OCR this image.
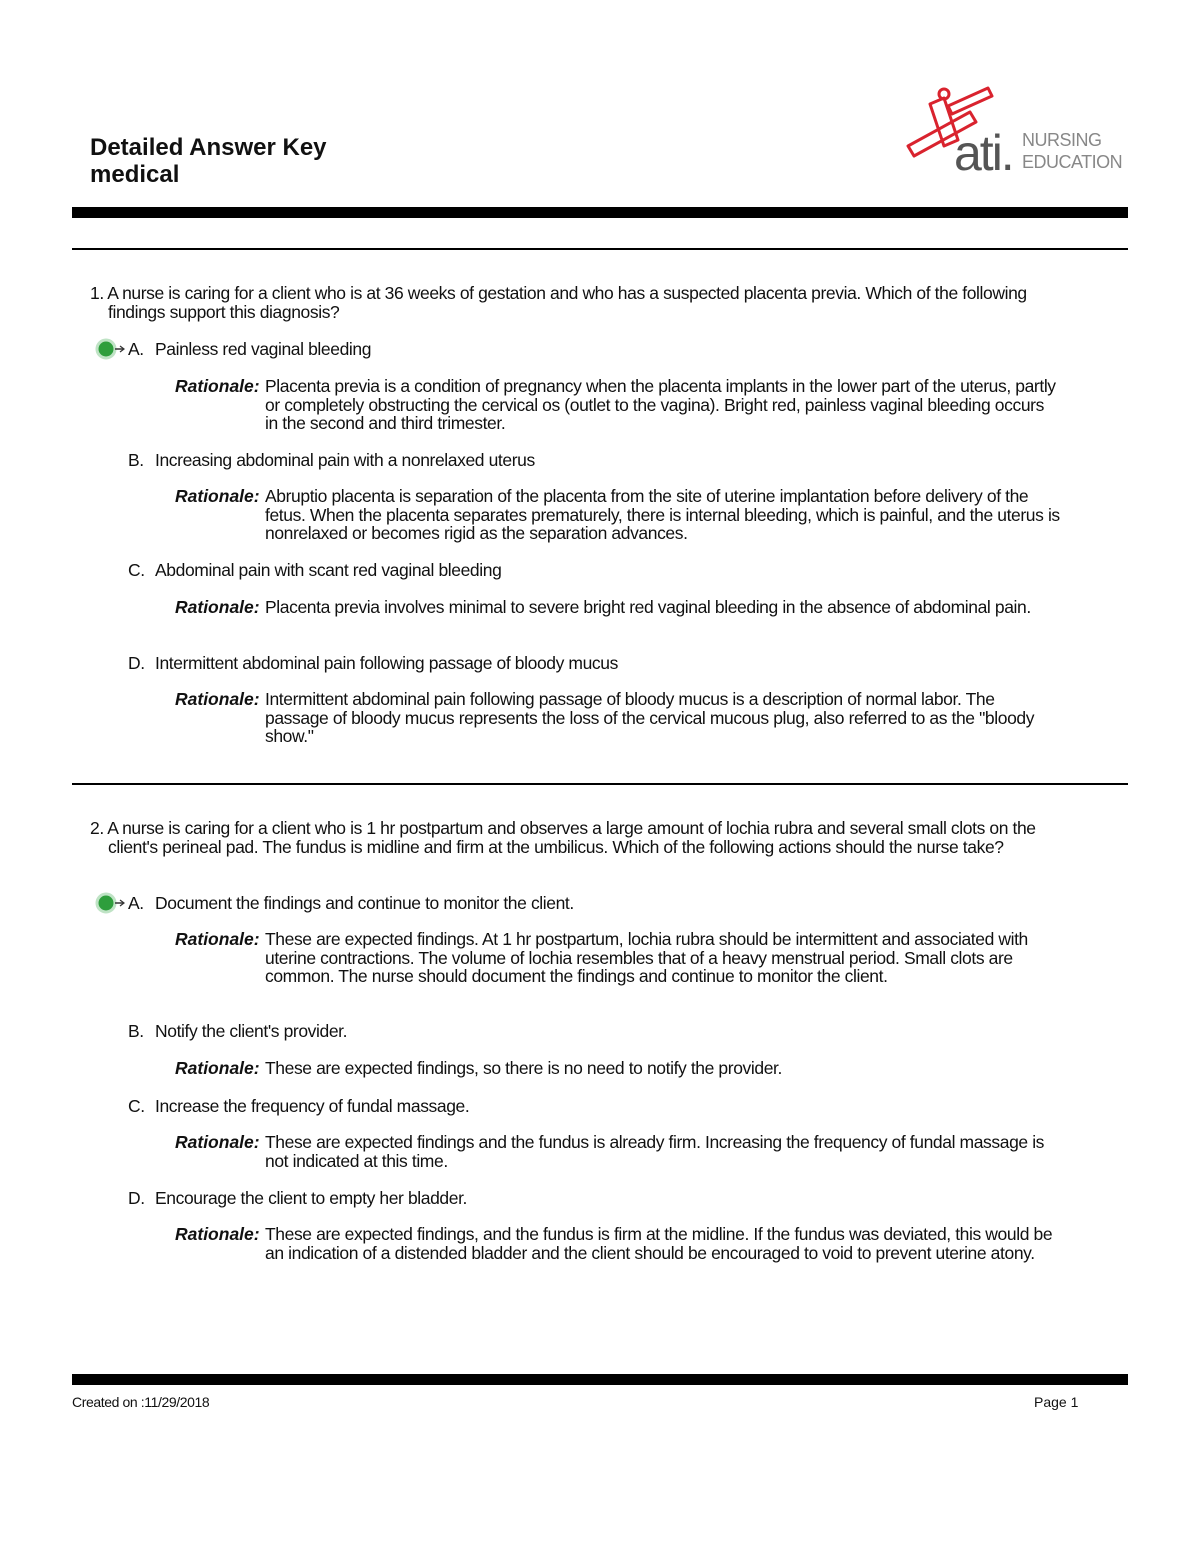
Detailed Answer Key
medical	ati. NURSING
EDUCATION
1. A nurse is caring for a client who is at 36 weeks of gestation and who has a suspected placenta previa. Which of the following findings support this diagnosis?
A. Painless red vaginal bleeding
Rationale: Placenta previa is a condition of pregnancy when the placenta implants in the lower part of the uterus, partly or completely obstructing the cervical os (outlet to the vagina). Bright red, painless vaginal bleeding occurs in the second and third trimester.
B. Increasing abdominal pain with a nonrelaxed uterus
Rationale: Abruptio placenta is separation of the placenta from the site of uterine implantation before delivery of the fetus. When the placenta separates prematurely, there is internal bleeding, which is painful, and the uterus is nonrelaxed or becomes rigid as the separation advances.
C. Abdominal pain with scant red vaginal bleeding
Rationale: Placenta previa involves minimal to severe bright red vaginal bleeding in the absence of abdominal pain.
D. Intermittent abdominal pain following passage of bloody mucus
Rationale: Intermittent abdominal pain following passage of bloody mucus is a description of normal labor. The passage of bloody mucus represents the loss of the cervical mucous plug, also referred to as the "bloody show."
2. A nurse is caring for a client who is 1 hr postpartum and observes a large amount of lochia rubra and several small clots on the client's perineal pad. The fundus is midline and firm at the umbilicus. Which of the following actions should the nurse take?
A. Document the findings and continue to monitor the client.
Rationale: These are expected findings. At 1 hr postpartum, lochia rubra should be intermittent and associated with uterine contractions. The volume of lochia resembles that of a heavy menstrual period. Small clots are common. The nurse should document the findings and continue to monitor the client.
B. Notify the client's provider.
Rationale: These are expected findings, so there is no need to notify the provider.
C. Increase the frequency of fundal massage.
Rationale: These are expected findings and the fundus is already firm. Increasing the frequency of fundal massage is not indicated at this time.
D. Encourage the client to empty her bladder.
Rationale: These are expected findings, and the fundus is firm at the midline. If the fundus was deviated, this would be an indication of a distended bladder and the client should be encouraged to void to prevent uterine atony.
Created on :11/29/2018	Page 1
